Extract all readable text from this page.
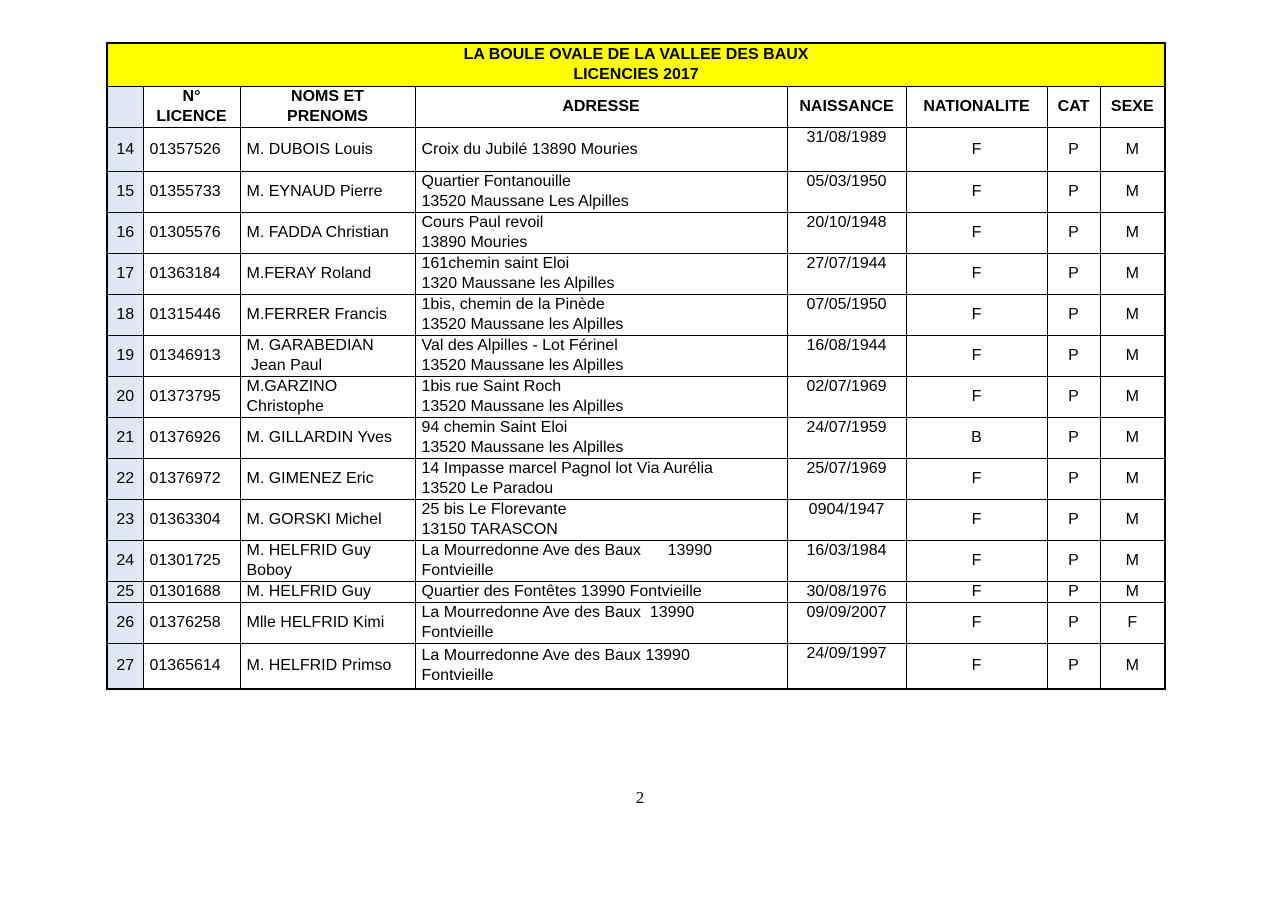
LA BOULE OVALE DE LA VALLEE DES BAUX
LICENCIES 2017							

	N°
LICENCE	NOMS ET
PRENOMS	ADRESSE	NAISSANCE	NATIONALITE	CAT	SEXE
14	01357526	M. DUBOIS Louis	Croix du Jubilé 13890 Mouries	31/08/1989	F	P	M
15	01355733	M. EYNAUD Pierre	Quartier Fontanouille
13520 Maussane Les Alpilles	05/03/1950	F	P	M
16	01305576	M. FADDA Christian	Cours Paul revoil
13890 Mouries	20/10/1948	F	P	M
17	01363184	M.FERAY Roland	161chemin saint Eloi
1320 Maussane les Alpilles	27/07/1944	F	P	M
18	01315446	M.FERRER Francis	1bis, chemin de la Pinède
13520 Maussane les Alpilles	07/05/1950	F	P	M
19	01346913	M. GARABEDIAN
Jean Paul	Val des Alpilles - Lot Férinel
13520 Maussane les Alpilles	16/08/1944	F	P	M
20	01373795	M.GARZINO
Christophe	1bis rue Saint Roch
13520 Maussane les Alpilles	02/07/1969	F	P	M
21	01376926	M. GILLARDIN Yves	94 chemin Saint Eloi
13520 Maussane les Alpilles	24/07/1959	B	P	M
22	01376972	M. GIMENEZ Eric	14 Impasse marcel Pagnol lot Via Aurélia
13520 Le Paradou	25/07/1969	F	P	M
23	01363304	M. GORSKI Michel	25 bis Le Florevante
13150 TARASCON	0904/1947	F	P	M
24	01301725	M. HELFRID Guy
Boboy	La Mourredonne Ave des Baux      13990
Fontvieille	16/03/1984	F	P	M
25	01301688	M. HELFRID Guy	Quartier des Fontêtes 13990 Fontvieille	30/08/1976	F	P	M
26	01376258	Mlle HELFRID Kimi	La Mourredonne Ave des Baux  13990
Fontvieille	09/09/2007	F	P	F
27	01365614	M. HELFRID Primso	La Mourredonne Ave des Baux 13990
Fontvieille	24/09/1997	F	P	M
2
